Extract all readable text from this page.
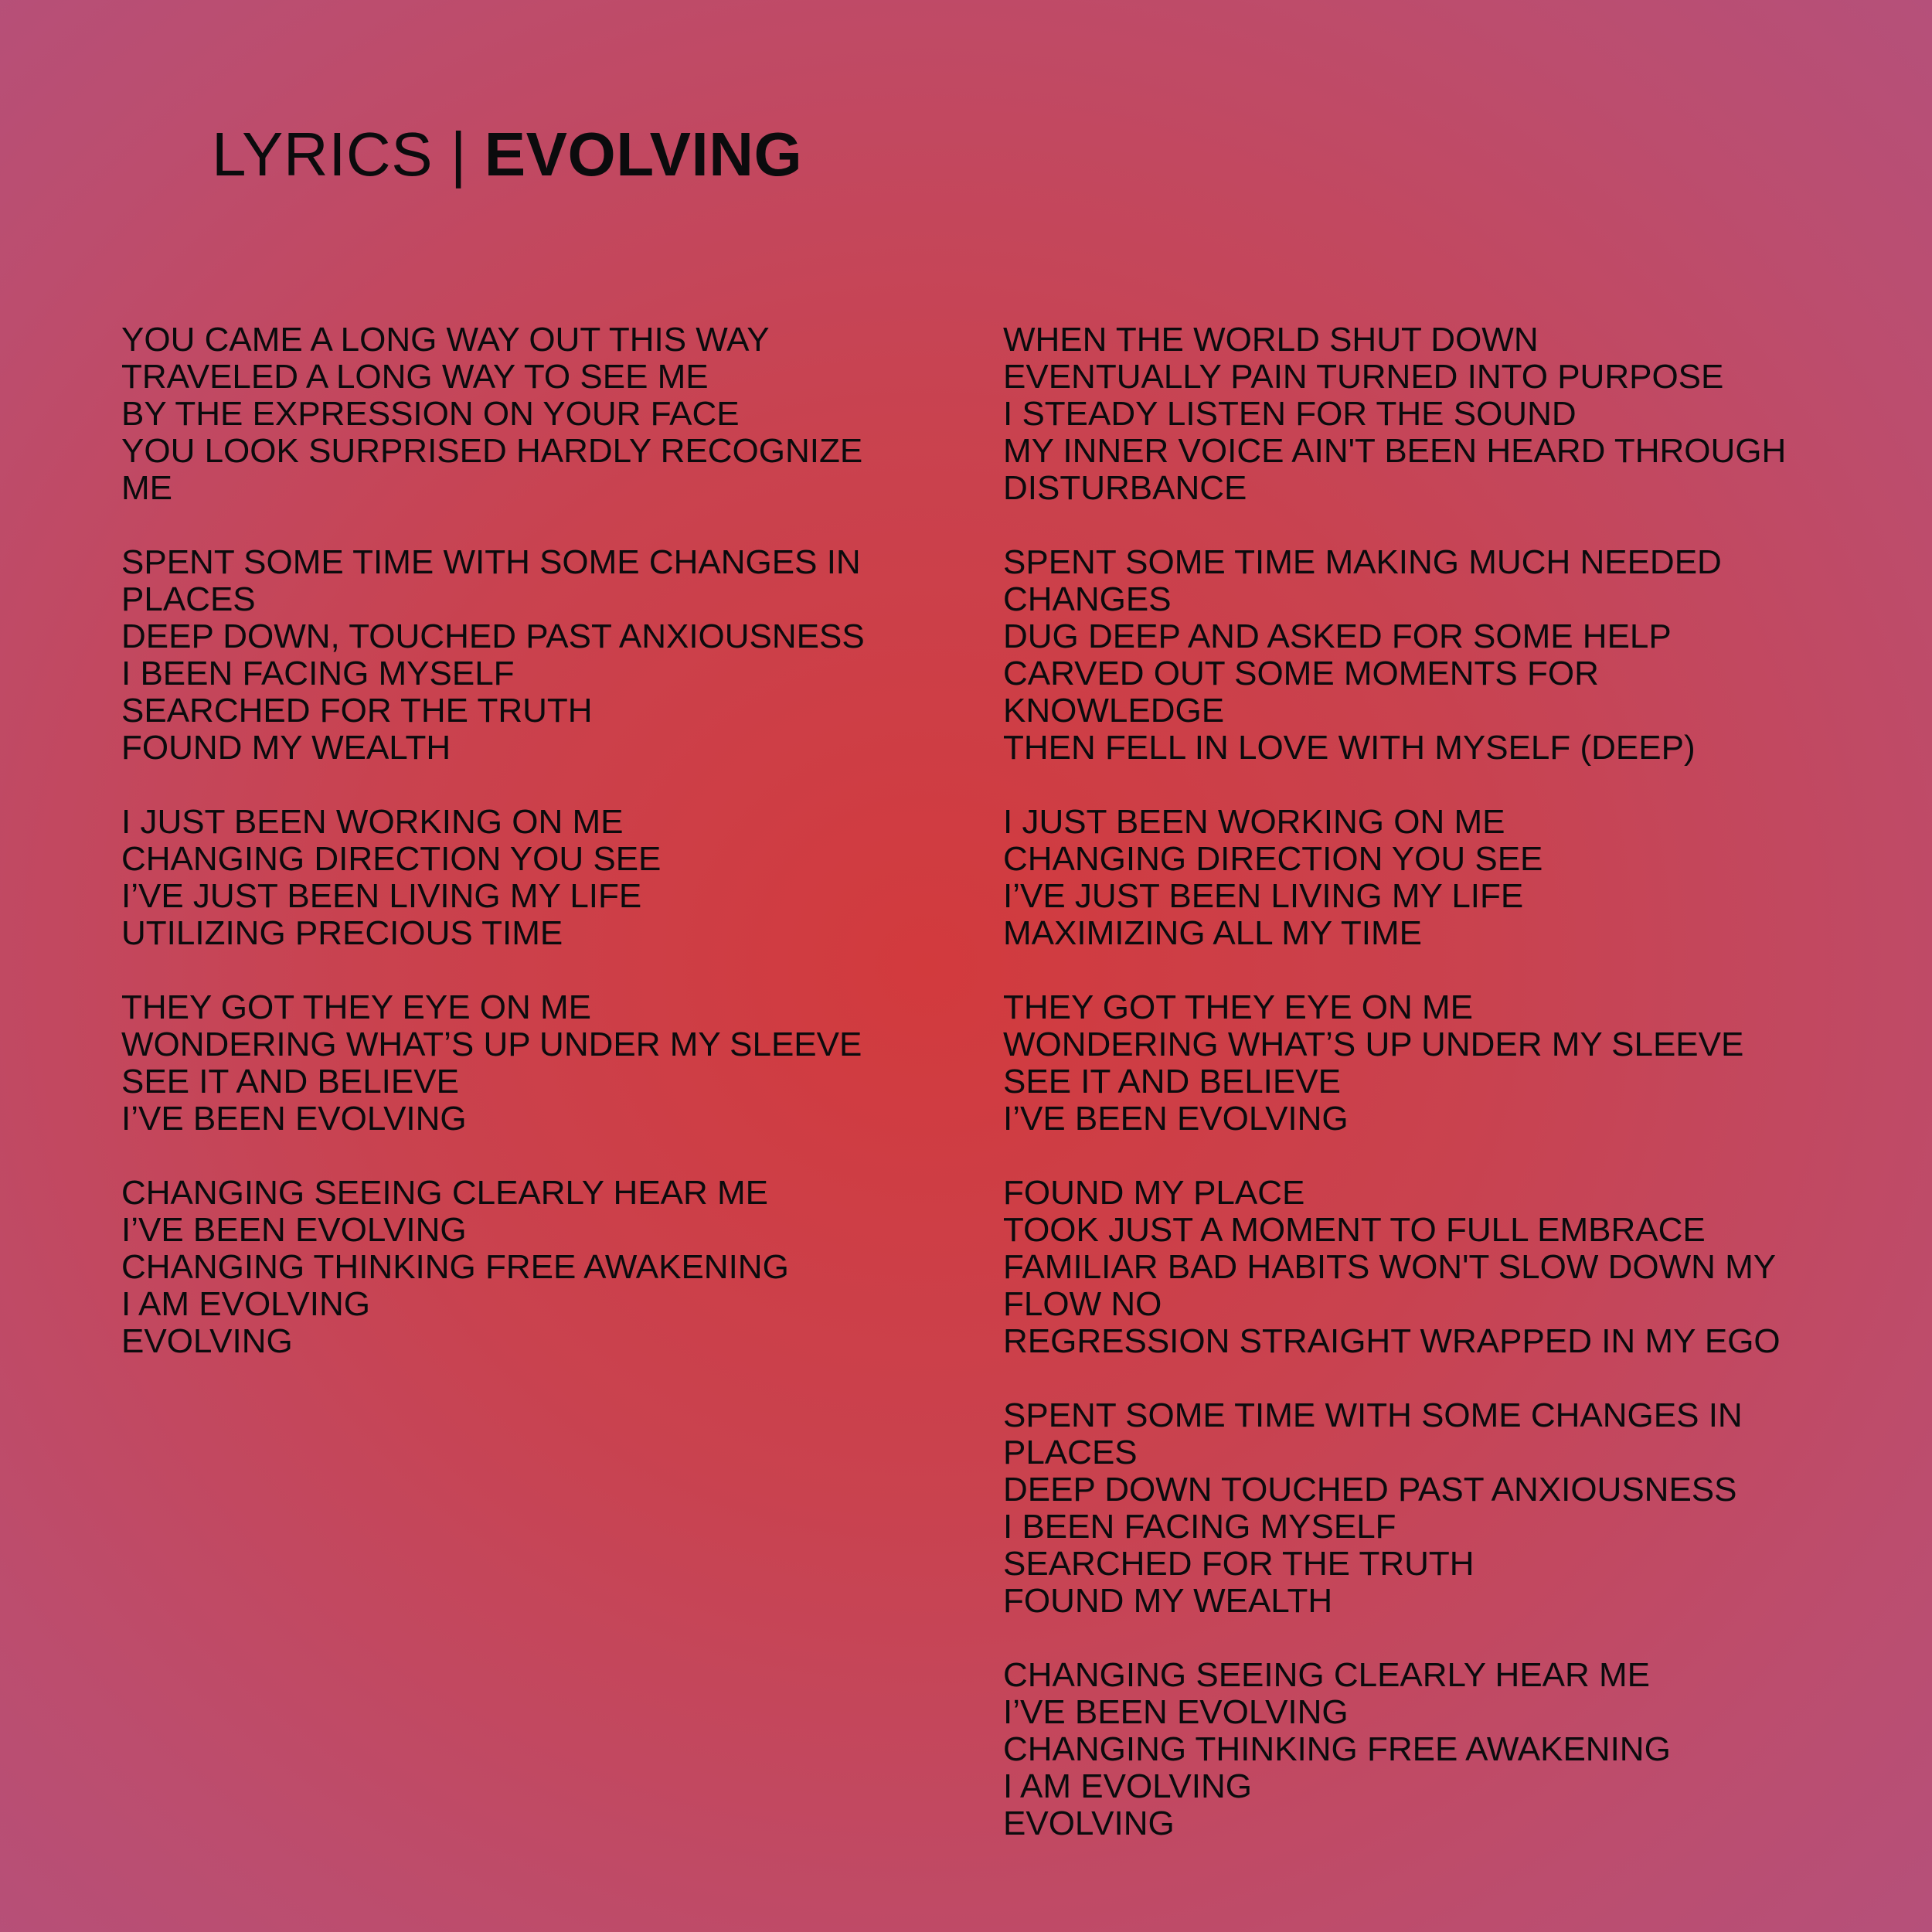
LYRICS | EVOLVING
YOU CAME A LONG WAY OUT THIS WAY
TRAVELED A LONG WAY TO SEE ME
BY THE EXPRESSION ON YOUR FACE
YOU LOOK SURPRISED HARDLY RECOGNIZE
ME
SPENT SOME TIME WITH SOME CHANGES IN
PLACES
DEEP DOWN, TOUCHED PAST ANXIOUSNESS
I BEEN FACING MYSELF
SEARCHED FOR THE TRUTH
FOUND MY WEALTH
I JUST BEEN WORKING ON ME
CHANGING DIRECTION YOU SEE
I’VE JUST BEEN LIVING MY LIFE
UTILIZING PRECIOUS TIME
THEY GOT THEY EYE ON ME
WONDERING WHAT’S UP UNDER MY SLEEVE
SEE IT AND BELIEVE
I’VE BEEN EVOLVING
CHANGING SEEING CLEARLY HEAR ME
I’VE BEEN EVOLVING
CHANGING THINKING FREE AWAKENING
I AM EVOLVING
EVOLVING
WHEN THE WORLD SHUT DOWN
EVENTUALLY PAIN TURNED INTO PURPOSE
I STEADY LISTEN FOR THE SOUND
MY INNER VOICE AIN'T BEEN HEARD THROUGH
DISTURBANCE
SPENT SOME TIME MAKING MUCH NEEDED
CHANGES
DUG DEEP AND ASKED FOR SOME HELP
CARVED OUT SOME MOMENTS FOR
KNOWLEDGE
THEN FELL IN LOVE WITH MYSELF (DEEP)
I JUST BEEN WORKING ON ME
CHANGING DIRECTION YOU SEE
I’VE JUST BEEN LIVING MY LIFE
MAXIMIZING ALL MY TIME
THEY GOT THEY EYE ON ME
WONDERING WHAT’S UP UNDER MY SLEEVE
SEE IT AND BELIEVE
I’VE BEEN EVOLVING
FOUND MY PLACE
TOOK JUST A MOMENT TO FULL EMBRACE
FAMILIAR BAD HABITS WON'T SLOW DOWN MY
FLOW NO
REGRESSION STRAIGHT WRAPPED IN MY EGO
SPENT SOME TIME WITH SOME CHANGES IN
PLACES
DEEP DOWN TOUCHED PAST ANXIOUSNESS
I BEEN FACING MYSELF
SEARCHED FOR THE TRUTH
FOUND MY WEALTH
CHANGING SEEING CLEARLY HEAR ME
I’VE BEEN EVOLVING
CHANGING THINKING FREE AWAKENING
I AM EVOLVING
EVOLVING
